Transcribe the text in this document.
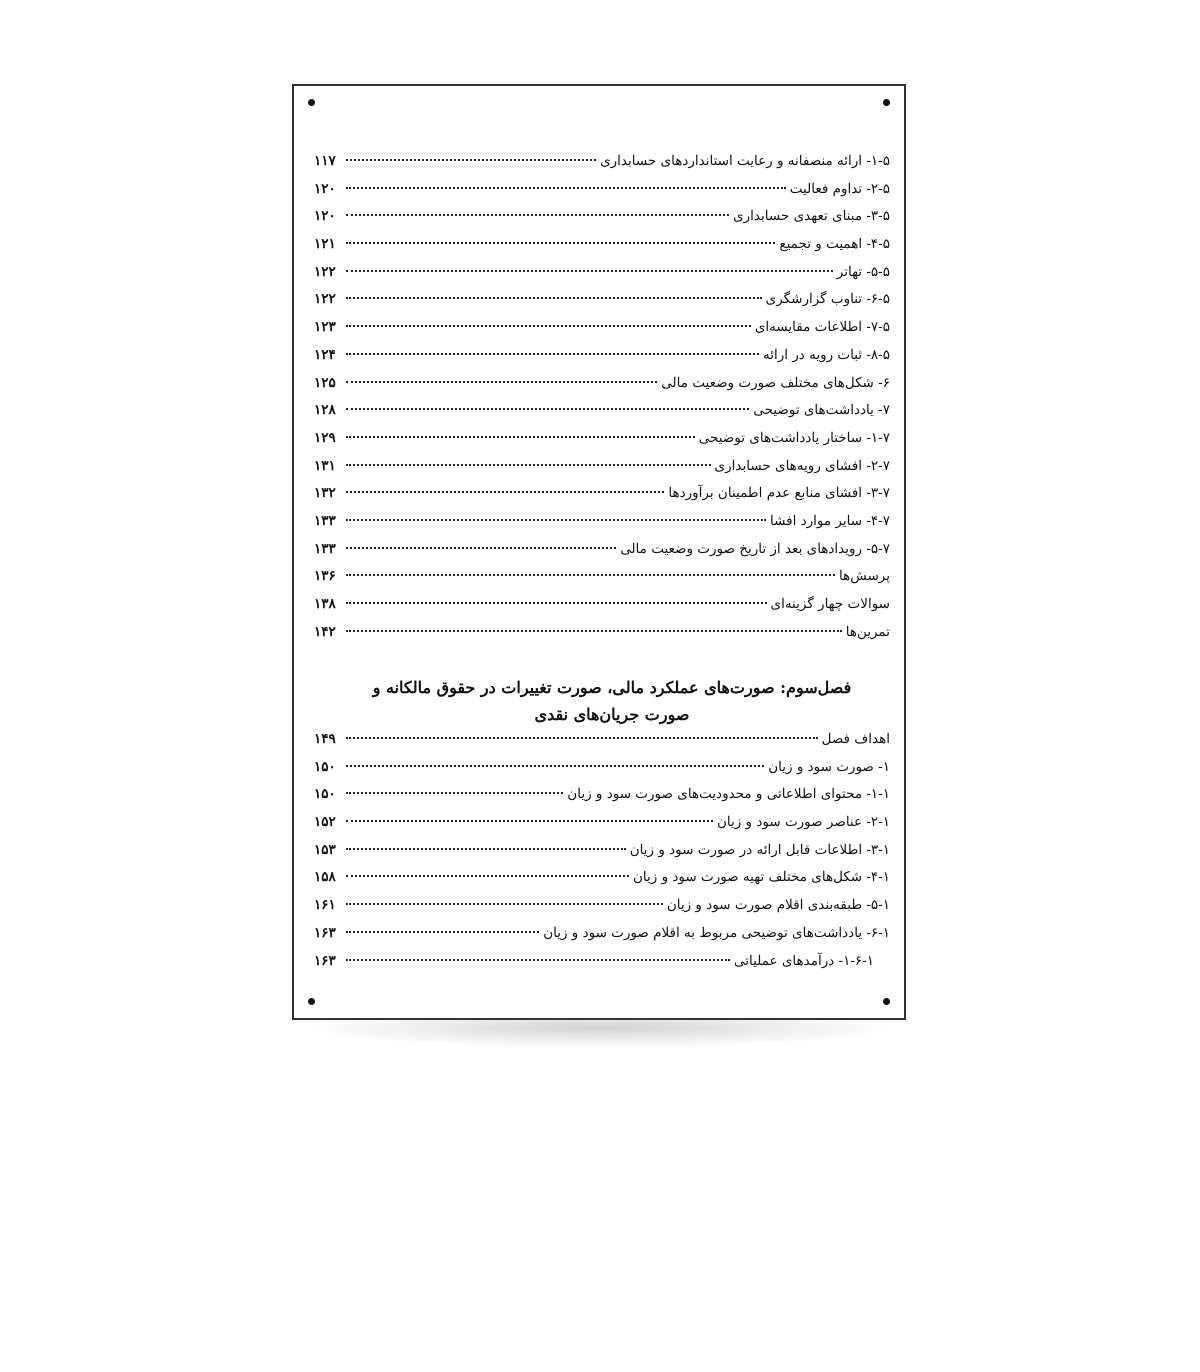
۱-۵- ارائه منصفانه و رعایت استانداردهای حسابداری
۱۱۷
۲-۵- تداوم فعالیت
۱۲۰
۳-۵- مبنای تعهدی حسابداری
۱۲۰
۴-۵- اهمیت و تجمیع
۱۲۱
۵-۵- تهاتر
۱۲۲
۶-۵- تناوب گزارشگری
۱۲۲
۷-۵- اطلاعات مقایسه‌ای
۱۲۳
۸-۵- ثبات رویه در ارائه
۱۲۴
۶- شکل‌های مختلف صورت وضعیت مالی
۱۲۵
۷- یادداشت‌های توضیحی
۱۲۸
۱-۷- ساختار یادداشت‌های توضیحی
۱۲۹
۲-۷- افشای رویه‌های حسابداری
۱۳۱
۳-۷- افشای منابع عدم اطمینان برآوردها
۱۳۲
۴-۷- سایر موارد افشا
۱۳۳
۵-۷- رویدادهای بعد از تاریخ صورت وضعیت مالی
۱۳۳
پرسش‌ها
۱۳۶
سوالات چهار گزینه‌ای
۱۳۸
تمرین‌ها
۱۴۲
فصل‌سوم: صورت‌های عملکرد مالی، صورت تغییرات در حقوق مالکانه و
صورت جریان‌های نقدی
اهداف فصل
۱۴۹
۱- صورت سود و زیان
۱۵۰
۱-۱- محتوای اطلاعاتی و محدودیت‌های صورت سود و زیان
۱۵۰
۲-۱- عناصر صورت سود و زیان
۱۵۲
۳-۱- اطلاعات قابل ارائه در صورت سود و زیان
۱۵۳
۴-۱- شکل‌های مختلف تهیه صورت سود و زیان
۱۵۸
۵-۱- طبقه‌بندی اقلام صورت سود و زیان
۱۶۱
۶-۱- یادداشت‌های توضیحی مربوط به اقلام صورت سود و زیان
۱۶۳
۱-۶-۱- درآمدهای عملیاتی
۱۶۳
